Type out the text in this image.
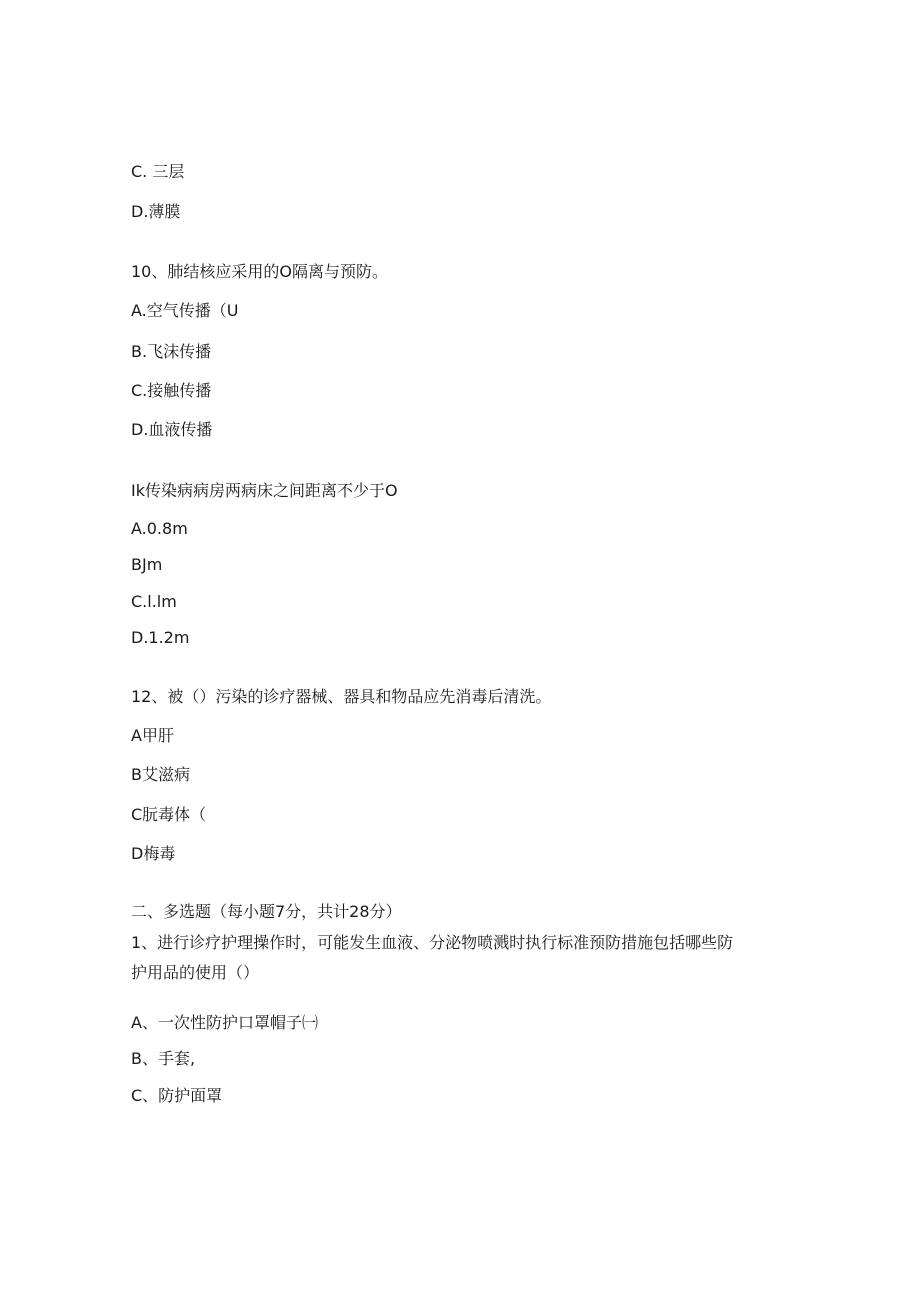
C. 三层
D.薄膜
10、肺结核应采用的O隔离与预防。
A.空气传播（U
B.飞沫传播
C.接触传播
D.血液传播
Ik传染病病房两病床之间距离不少于O
A.0.8m
BJm
C.l.lm
D.1.2m
12、被（）污染的诊疗器械、器具和物品应先消毒后清洗。
A甲肝
B艾滋病
C朊毒体（
D梅毒
二、多选题（每小题7分，共计28分）
1、进行诊疗护理操作时，可能发生血液、分泌物喷溅时执行标准预防措施包括哪些防
护用品的使用（）
A、一次性防护口罩帽子㈠
B、手套,
C、防护面罩
